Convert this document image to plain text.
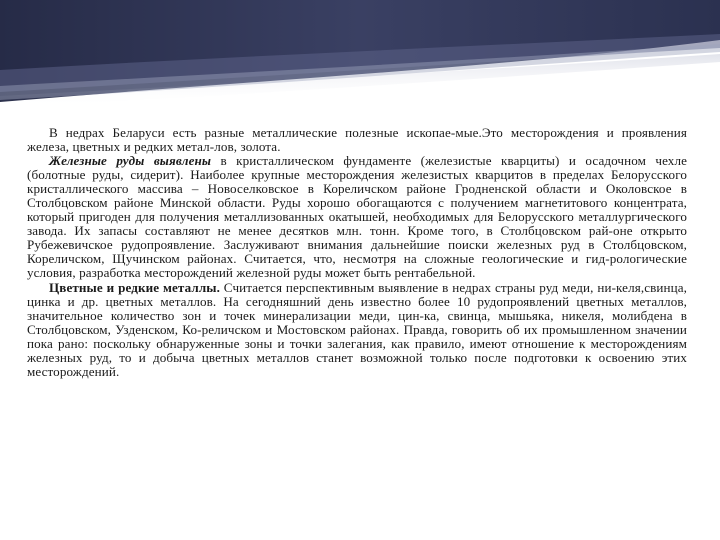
В недрах Беларуси есть разные металлические полезные ископае-мые.Это месторождения и проявления железа, цветных и редких метал-лов, золота.

Железные руды выявлены в кристаллическом фундаменте (железистые кварциты) и осадочном чехле (болотные руды, сидерит). Наиболее крупные месторождения железистых кварцитов в пределах Белорусского кристаллического массива – Новоселковское в Кореличском районе Гродненской области и Околовское в Столбцовском районе Минской области. Руды хорошо обогащаются с получением магнетитового концентрата, который пригоден для получения металлизованных окатышей, необходимых для Белорусского металлургического завода. Их запасы составляют не менее десятков млн. тонн. Кроме того, в Столбцовском рай-оне открыто Рубежевичское рудопроявление. Заслуживают внимания дальнейшие поиски железных руд в Столбцовском, Кореличском, Щучинском районах. Считается, что, несмотря на сложные геологические и гид-рологические условия, разработка месторождений железной руды может быть рентабельной.

Цветные и редкие металлы. Считается перспективным выявление в недрах страны руд меди, ни-келя,свинца, цинка и др. цветных металлов. На сегодняшний день известно более 10 рудопроявлений цветных металлов, значительное количество зон и точек минерализации меди, цин-ка, свинца, мышьяка, никеля, молибдена в Столбцовском, Узденском, Ко-реличском и Мостовском районах. Правда, говорить об их промышленном значении пока рано: поскольку обнаруженные зоны и точки залегания, как правило, имеют отношение к месторождениям железных руд, то и добыча цветных металлов станет возможной только после подготовки к освоению этих месторождений.
